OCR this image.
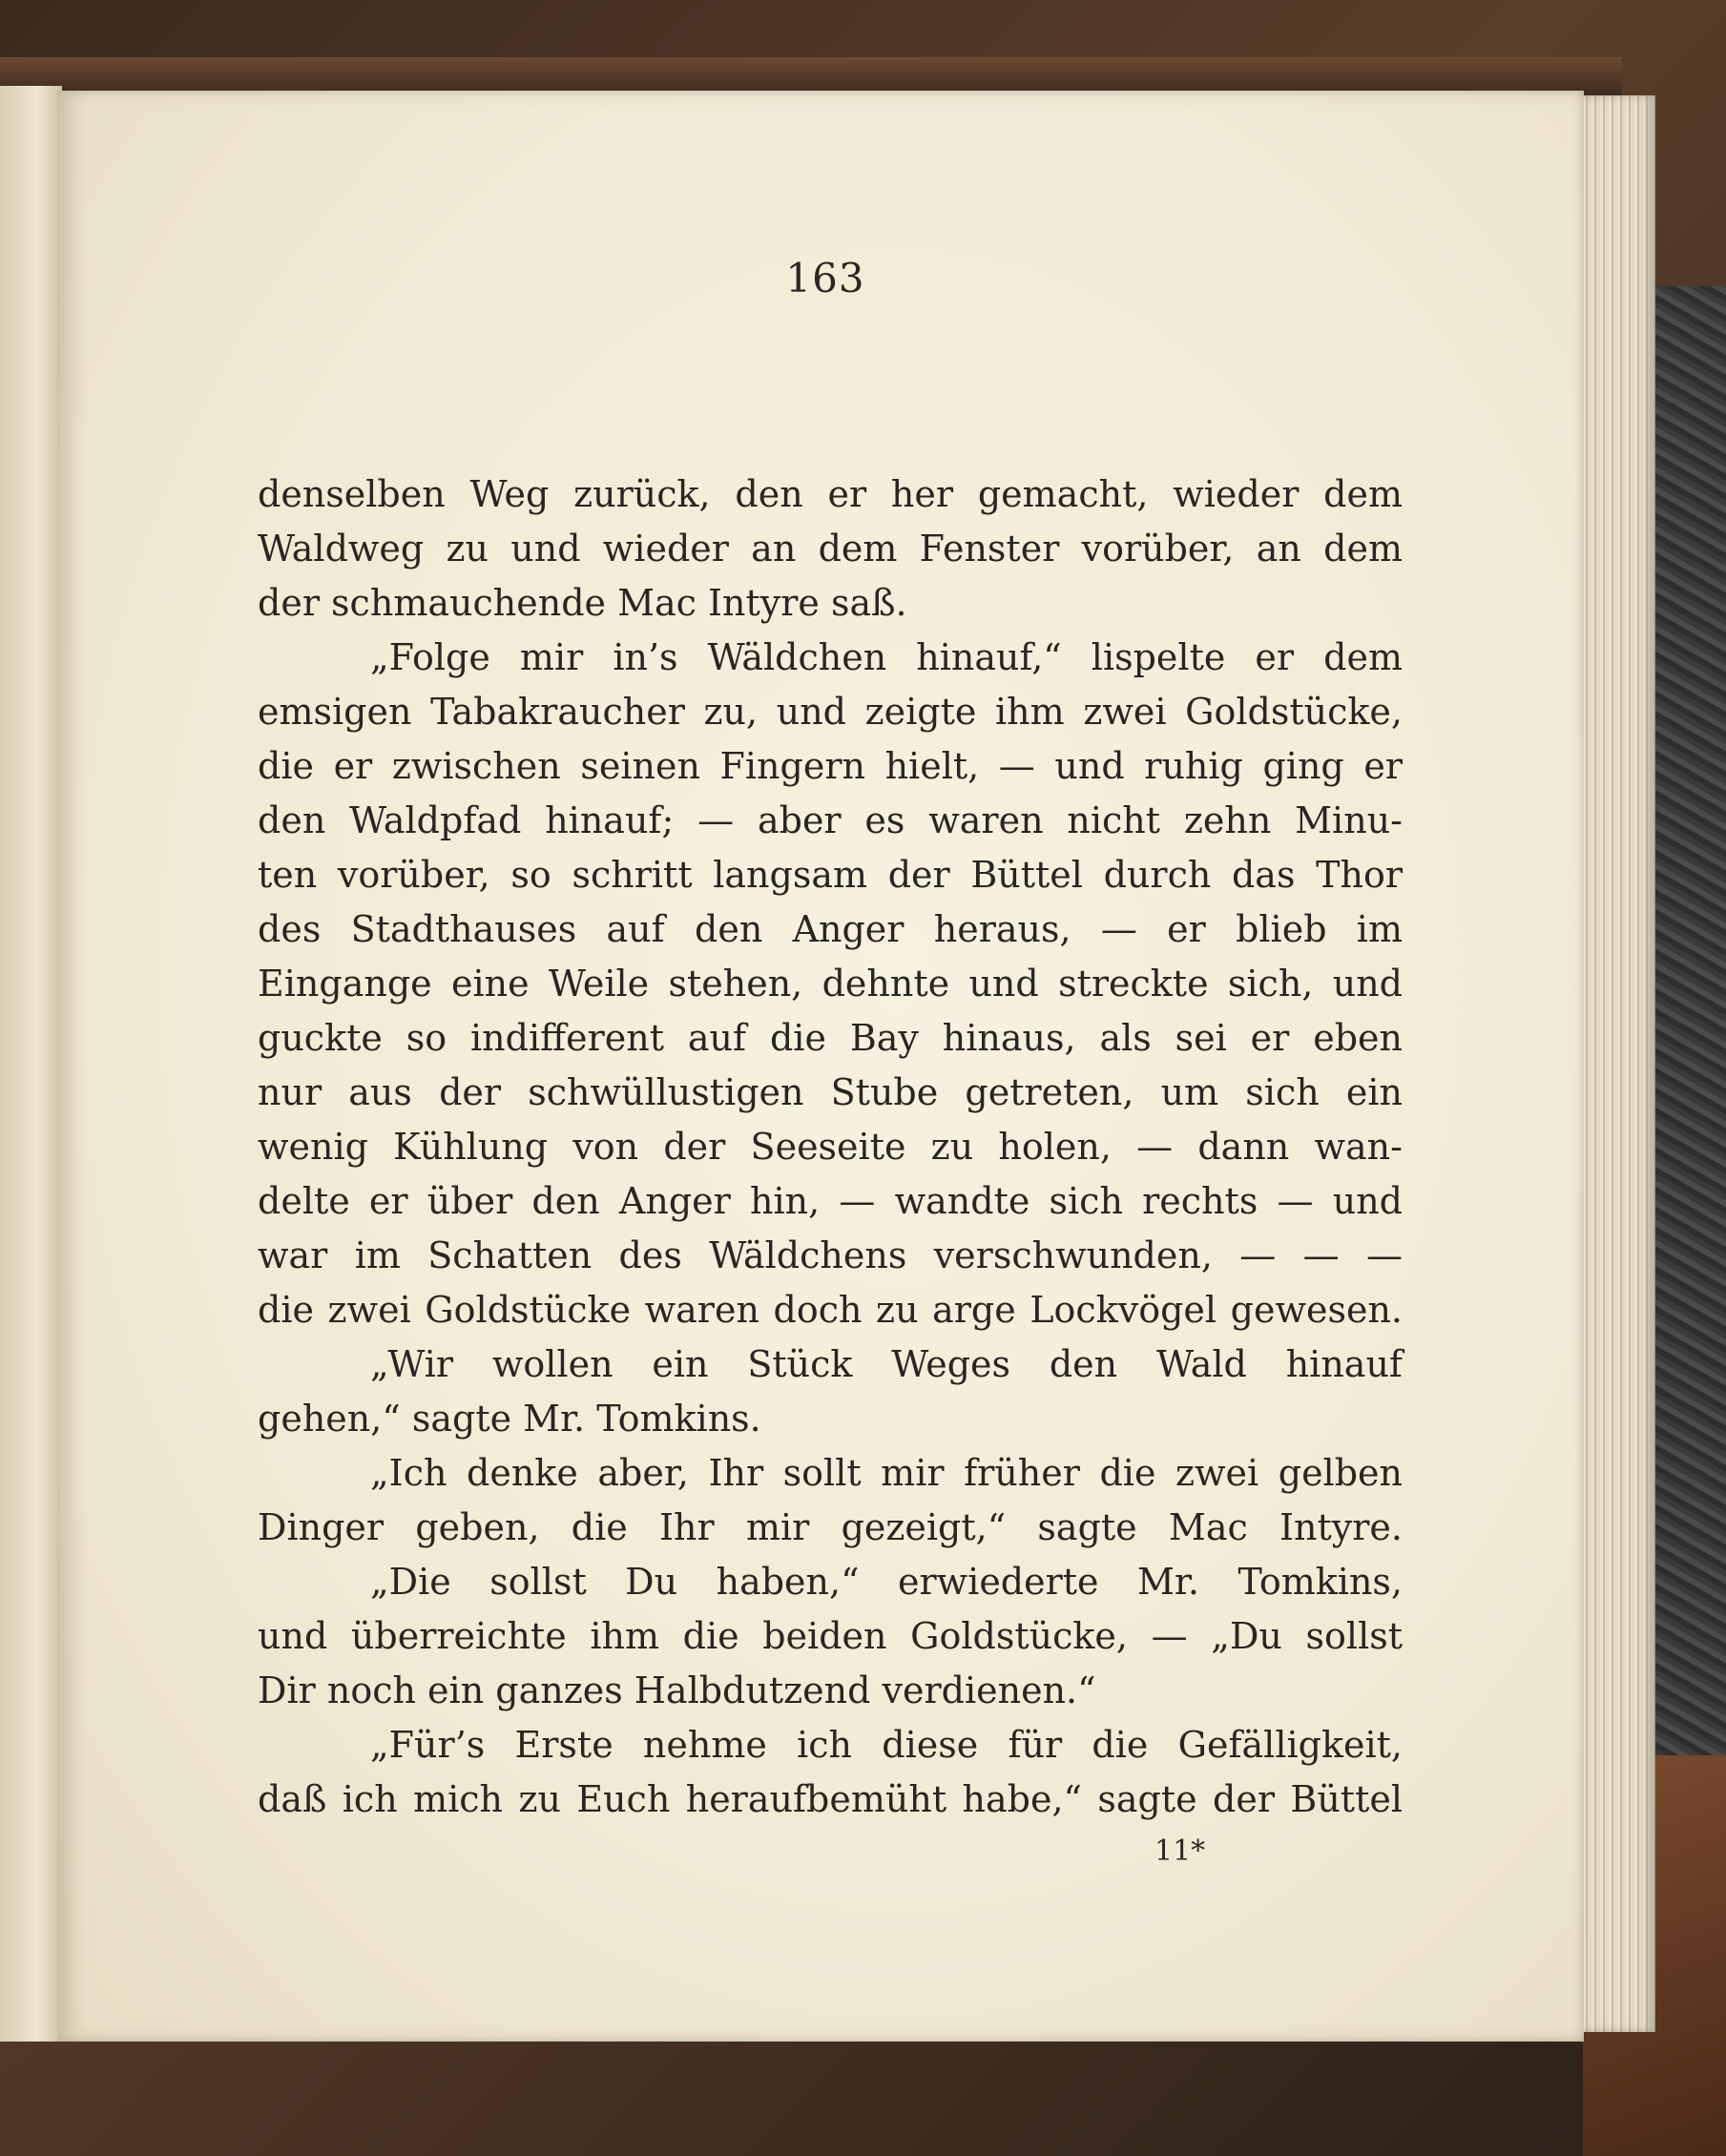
163
denselben Weg zurück, den er her gemacht, wieder dem
Waldweg zu und wieder an dem Fenster vorüber, an dem
der schmauchende Mac Intyre saß.
„Folge mir in’s Wäldchen hinauf,“ lispelte er dem
emsigen Tabakraucher zu, und zeigte ihm zwei Goldstücke,
die er zwischen seinen Fingern hielt, — und ruhig ging er
den Waldpfad hinauf; — aber es waren nicht zehn Minu-
ten vorüber, so schritt langsam der Büttel durch das Thor
des Stadthauses auf den Anger heraus, — er blieb im
Eingange eine Weile stehen, dehnte und streckte sich, und
guckte so indifferent auf die Bay hinaus, als sei er eben
nur aus der schwüllustigen Stube getreten, um sich ein
wenig Kühlung von der Seeseite zu holen, — dann wan-
delte er über den Anger hin, — wandte sich rechts — und
war im Schatten des Wäldchens verschwunden, — — —
die zwei Goldstücke waren doch zu arge Lockvögel gewesen.
„Wir wollen ein Stück Weges den Wald hinauf
gehen,“ sagte Mr. Tomkins.
„Ich denke aber, Ihr sollt mir früher die zwei gelben
Dinger geben, die Ihr mir gezeigt,“ sagte Mac Intyre.
„Die sollst Du haben,“ erwiederte Mr. Tomkins,
und überreichte ihm die beiden Goldstücke, — „Du sollst
Dir noch ein ganzes Halbdutzend verdienen.“
„Für’s Erste nehme ich diese für die Gefälligkeit,
daß ich mich zu Euch heraufbemüht habe,“ sagte der Büttel
11*
